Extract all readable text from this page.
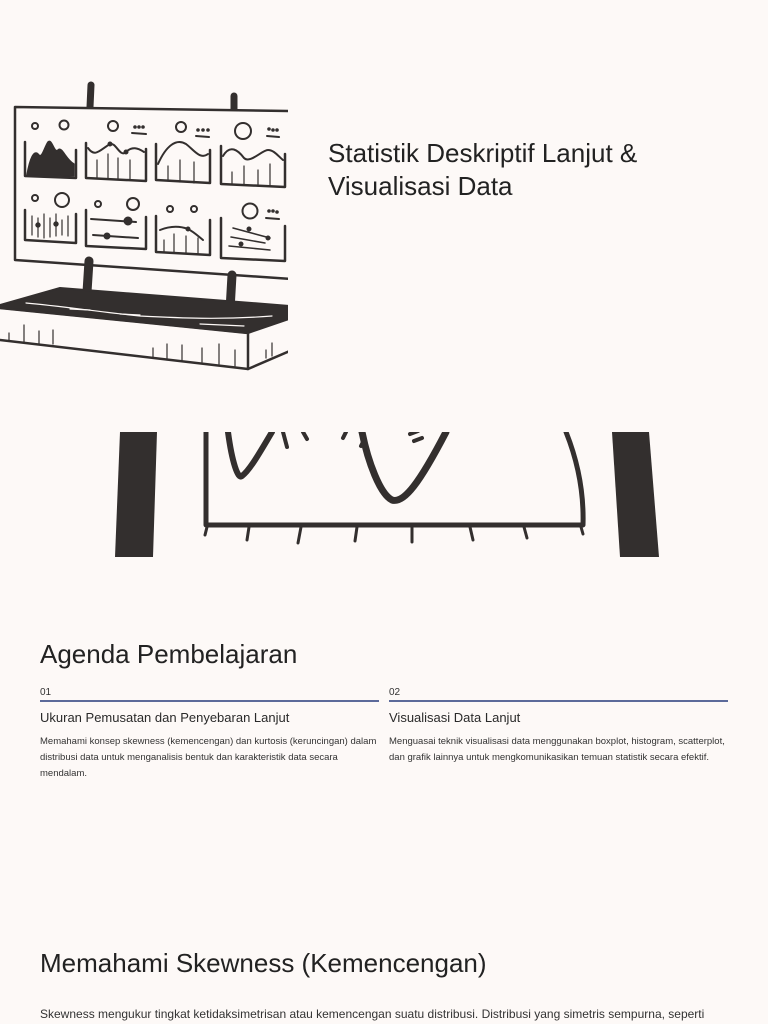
Statistik Deskriptif Lanjut & Visualisasi Data
Agenda Pembelajaran
01
Ukuran Pemusatan dan Penyebaran Lanjut

Memahami konsep skewness (kemencengan) dan kurtosis (keruncingan) dalam distribusi data untuk menganalisis bentuk dan karakteristik data secara mendalam.

02
Visualisasi Data Lanjut

Menguasai teknik visualisasi data menggunakan boxplot, histogram, scatterplot, dan grafik lainnya untuk mengkomunikasikan temuan statistik secara efektif.

Memahami Skewness (Kemencengan)

Skewness mengukur tingkat ketidaksimetrisan atau kemencengan suatu distribusi. Distribusi yang simetris sempurna, seperti
